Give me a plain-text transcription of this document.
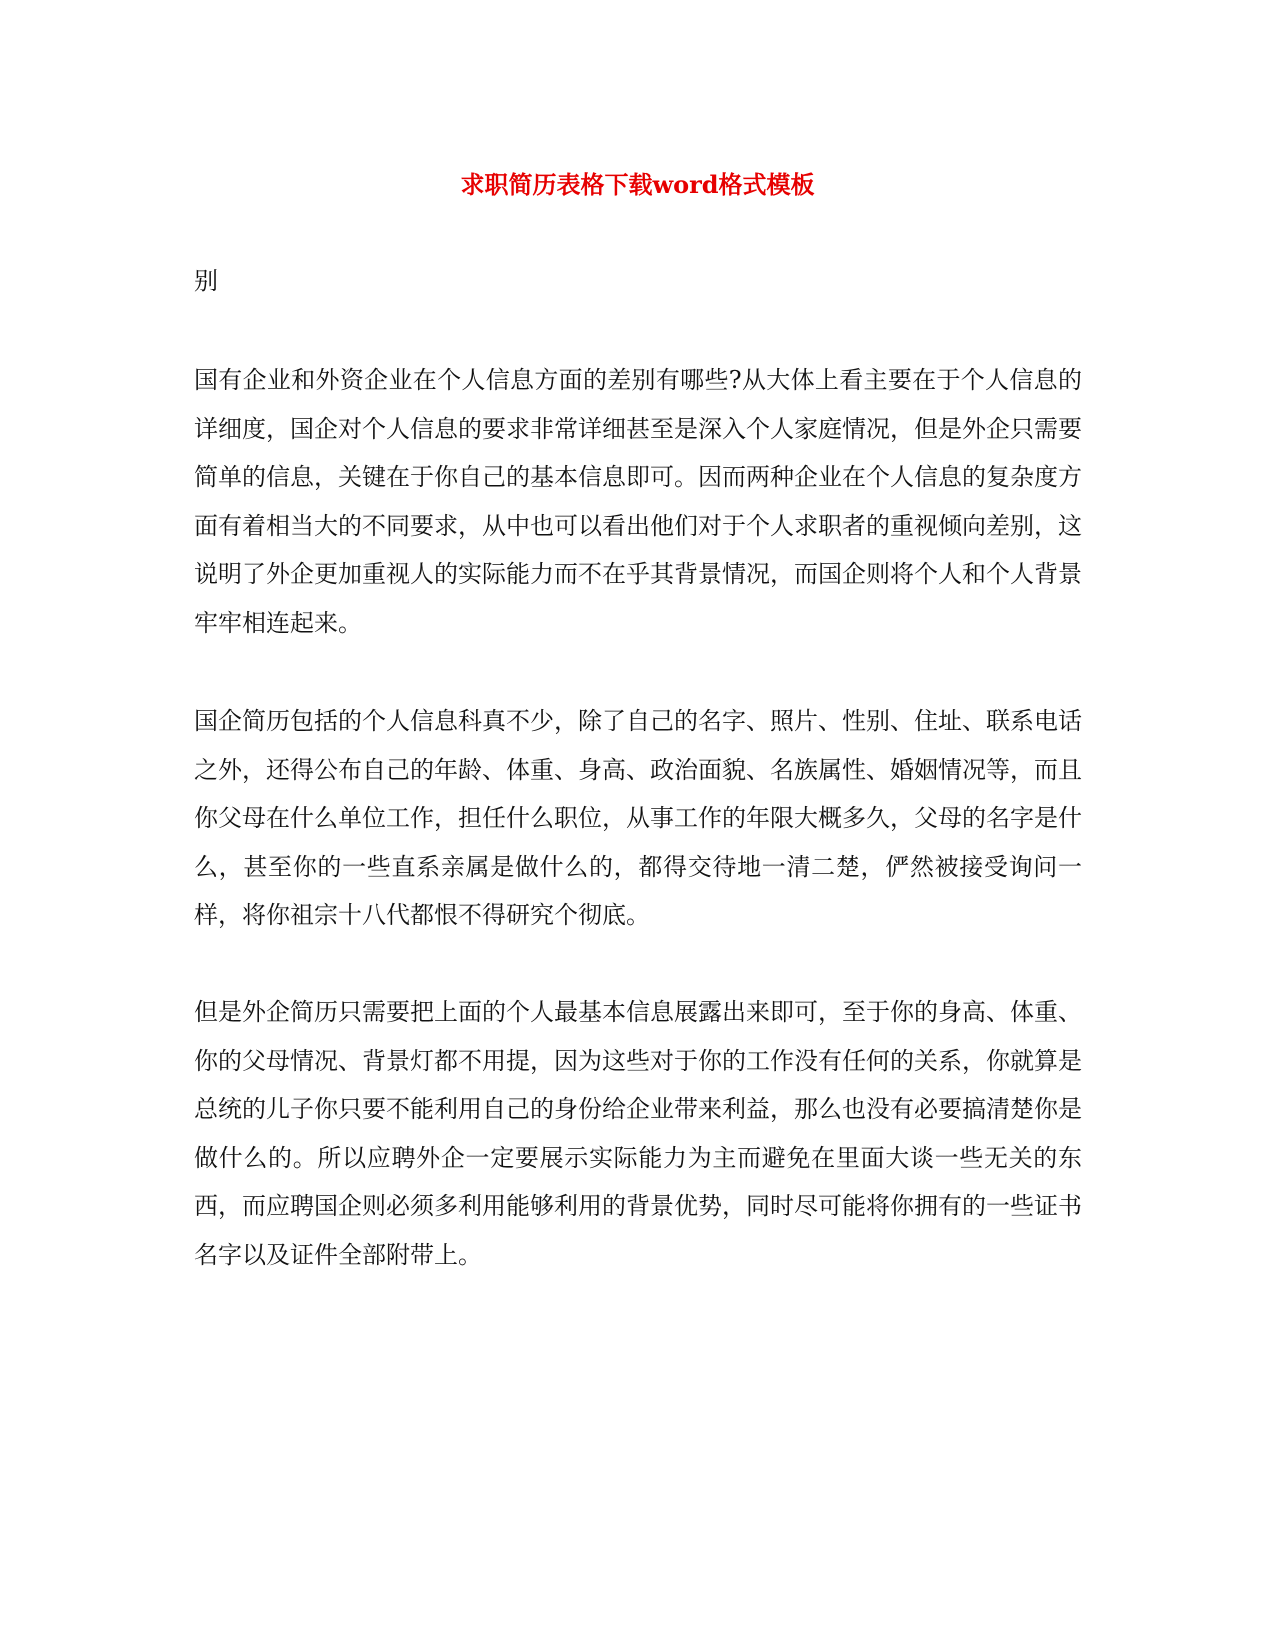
求职简历表格下载word格式模板

别

国有企业和外资企业在个人信息方面的差别有哪些?从大体上看主要在于个人信息的详细度，国企对个人信息的要求非常详细甚至是深入个人家庭情况，但是外企只需要简单的信息，关键在于你自己的基本信息即可。因而两种企业在个人信息的复杂度方面有着相当大的不同要求，从中也可以看出他们对于个人求职者的重视倾向差别，这说明了外企更加重视人的实际能力而不在乎其背景情况，而国企则将个人和个人背景牢牢相连起来。

国企简历包括的个人信息科真不少，除了自己的名字、照片、性别、住址、联系电话之外，还得公布自己的年龄、体重、身高、政治面貌、名族属性、婚姻情况等，而且你父母在什么单位工作，担任什么职位，从事工作的年限大概多久，父母的名字是什么，甚至你的一些直系亲属是做什么的，都得交待地一清二楚，俨然被接受询问一样，将你祖宗十八代都恨不得研究个彻底。

但是外企简历只需要把上面的个人最基本信息展露出来即可，至于你的身高、体重、你的父母情况、背景灯都不用提，因为这些对于你的工作没有任何的关系，你就算是总统的儿子你只要不能利用自己的身份给企业带来利益，那么也没有必要搞清楚你是做什么的。所以应聘外企一定要展示实际能力为主而避免在里面大谈一些无关的东西，而应聘国企则必须多利用能够利用的背景优势，同时尽可能将你拥有的一些证书名字以及证件全部附带上。
